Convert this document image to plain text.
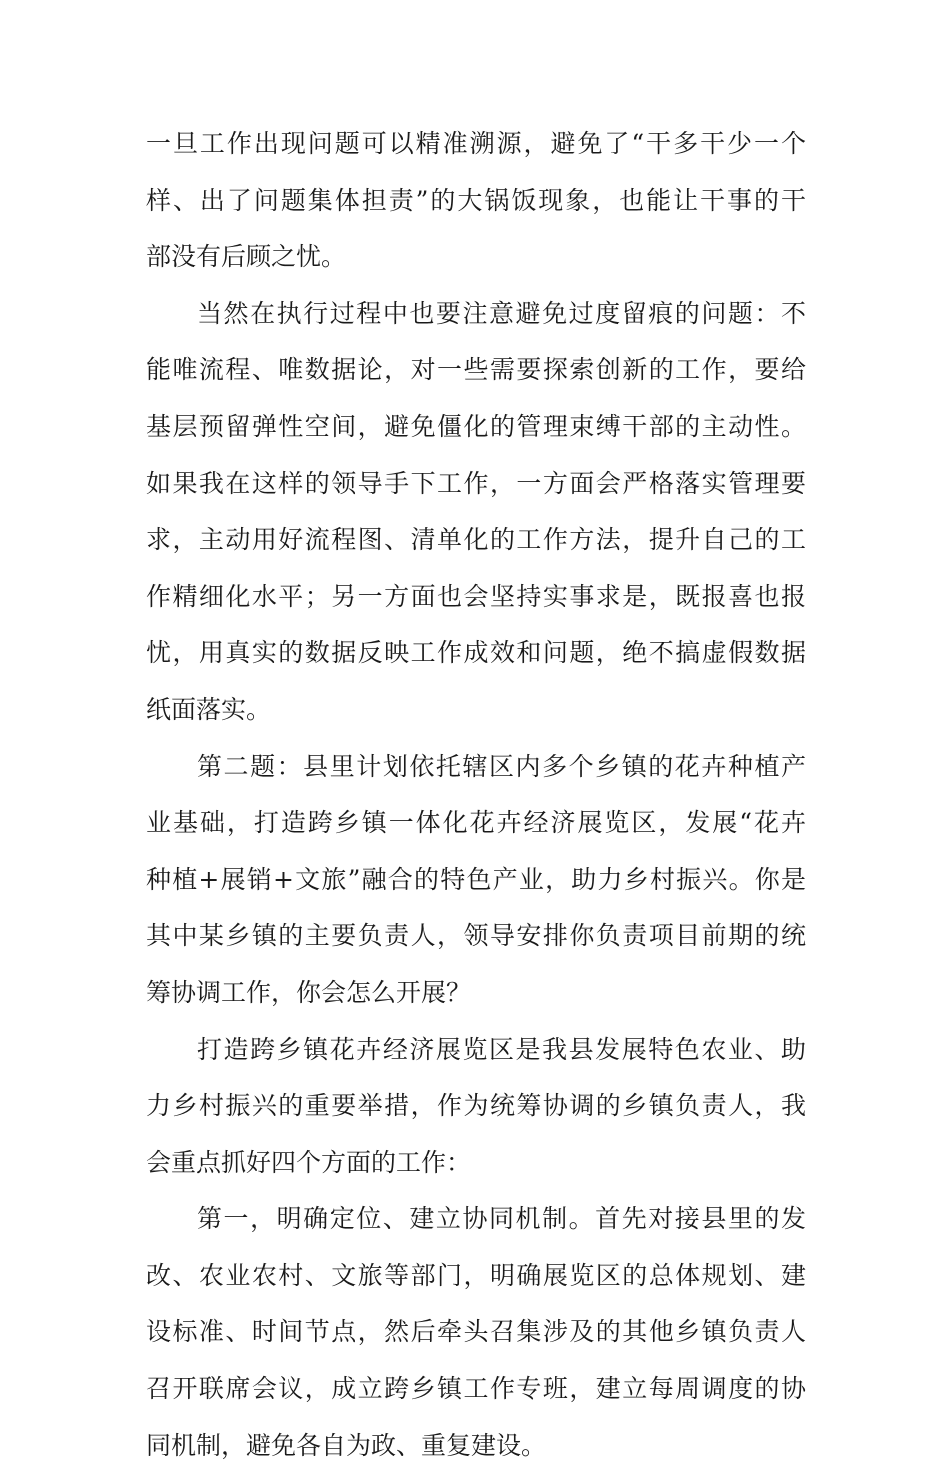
一旦工作出现问题可以精准溯源，避免了“干多干少一个
样、出了问题集体担责”的大锅饭现象，也能让干事的干
部没有后顾之忧。
当然在执行过程中也要注意避免过度留痕的问题：不
能唯流程、唯数据论，对一些需要探索创新的工作，要给
基层预留弹性空间，避免僵化的管理束缚干部的主动性。
如果我在这样的领导手下工作，一方面会严格落实管理要
求，主动用好流程图、清单化的工作方法，提升自己的工
作精细化水平；另一方面也会坚持实事求是，既报喜也报
忧，用真实的数据反映工作成效和问题，绝不搞虚假数据
纸面落实。
第二题：县里计划依托辖区内多个乡镇的花卉种植产
业基础，打造跨乡镇一体化花卉经济展览区，发展“花卉
种植+展销+文旅”融合的特色产业，助力乡村振兴。你是
其中某乡镇的主要负责人，领导安排你负责项目前期的统
筹协调工作，你会怎么开展？
打造跨乡镇花卉经济展览区是我县发展特色农业、助
力乡村振兴的重要举措，作为统筹协调的乡镇负责人，我
会重点抓好四个方面的工作：
第一，明确定位、建立协同机制。首先对接县里的发
改、农业农村、文旅等部门，明确展览区的总体规划、建
设标准、时间节点，然后牵头召集涉及的其他乡镇负责人
召开联席会议，成立跨乡镇工作专班，建立每周调度的协
同机制，避免各自为政、重复建设。
